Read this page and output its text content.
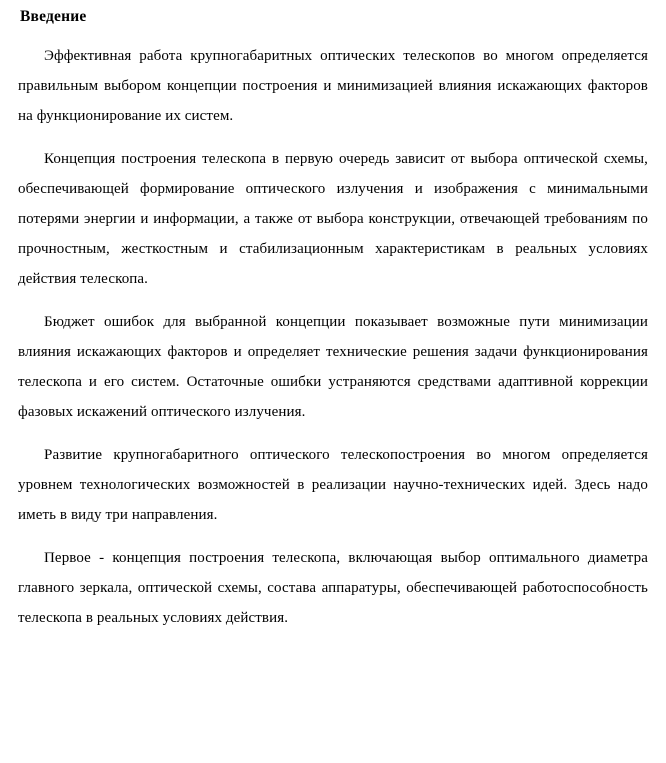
Введение

Эффективная работа крупногабаритных оптических телескопов во многом определяется правильным выбором концепции построения и минимизацией влияния искажающих факторов на функционирование их систем.

Концепция построения телескопа в первую очередь зависит от выбора оптической схемы, обеспечивающей формирование оптического излучения и изображения с минимальными потерями энергии и информации, а также от выбора конструкции, отвечающей требованиям по прочностным, жесткостным и стабилизационным характеристикам в реальных условиях действия телескопа.

Бюджет ошибок для выбранной концепции показывает возможные пути минимизации влияния искажающих факторов и определяет технические решения задачи функционирования телескопа и его систем. Остаточные ошибки устраняются средствами адаптивной коррекции фазовых искажений оптического излучения.

Развитие крупногабаритного оптического телескопостроения во многом определяется уровнем технологических возможностей в реализации научно-технических идей. Здесь надо иметь в виду три направления.

Первое - концепция построения телескопа, включающая выбор оптимального диаметра главного зеркала, оптической схемы, состава аппаратуры, обеспечивающей работоспособность телескопа в реальных условиях действия.
